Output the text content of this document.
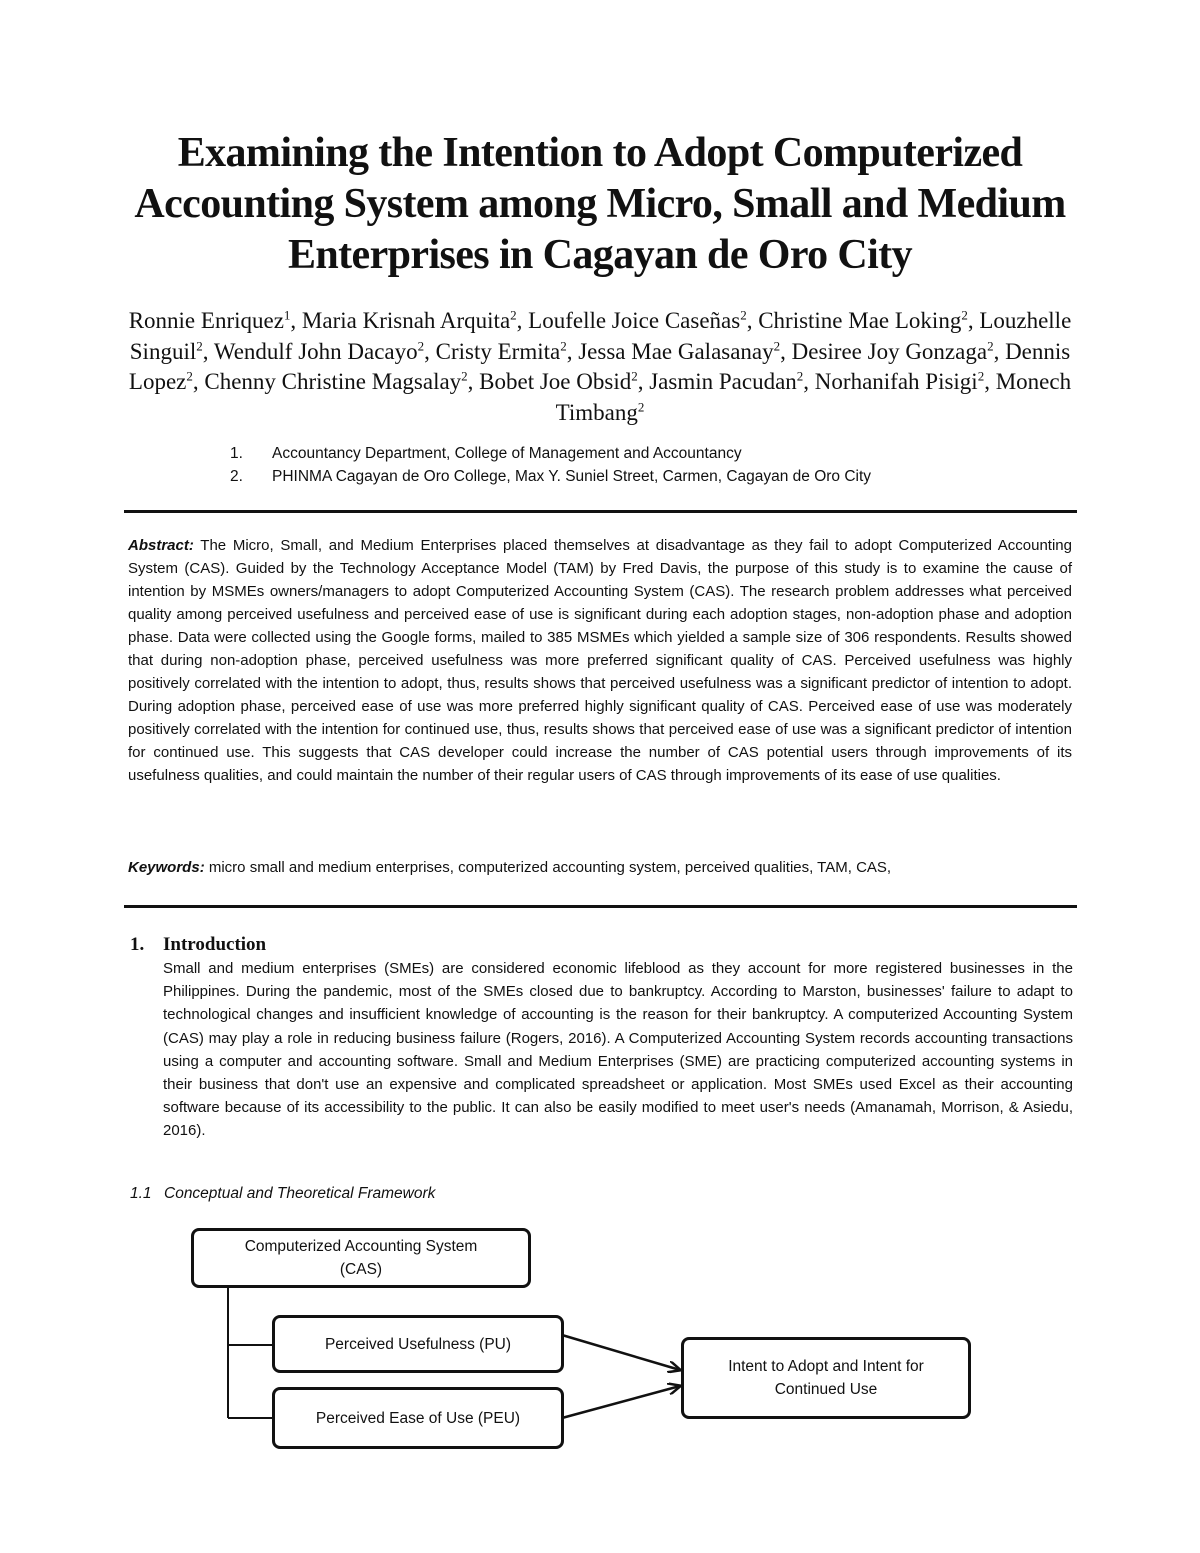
Examining the Intention to Adopt Computerized Accounting System among Micro, Small and Medium Enterprises in Cagayan de Oro City
Ronnie Enriquez$^1$, Maria Krisnah Arquita$^2$, Loufelle Joice Caseñas$^2$, Christine Mae Loking$^2$, Louzhelle Singuil$^2$, Wendulf John Dacayo$^2$, Cristy Ermita$^2$, Jessa Mae Galasanay$^2$, Desiree Joy Gonzaga$^2$, Dennis Lopez$^2$, Chenny Christine Magsalay$^2$, Bobet Joe Obsid$^2$, Jasmin Pacudan$^2$, Norhanifah Pisigi$^2$, Monech Timbang$^2$
1.	Accountancy Department, College of Management and Accountancy
2.	PHINMA Cagayan de Oro College, Max Y. Suniel Street, Carmen, Cagayan de Oro City
Abstract: The Micro, Small, and Medium Enterprises placed themselves at disadvantage as they fail to adopt Computerized Accounting System (CAS). Guided by the Technology Acceptance Model (TAM) by Fred Davis, the purpose of this study is to examine the cause of intention by MSMEs owners/managers to adopt Computerized Accounting System (CAS). The research problem addresses what perceived quality among perceived usefulness and perceived ease of use is significant during each adoption stages, non-adoption phase and adoption phase. Data were collected using the Google forms, mailed to 385 MSMEs which yielded a sample size of 306 respondents. Results showed that during non-adoption phase, perceived usefulness was more preferred significant quality of CAS. Perceived usefulness was highly positively correlated with the intention to adopt, thus, results shows that perceived usefulness was a significant predictor of intention to adopt. During adoption phase, perceived ease of use was more preferred highly significant quality of CAS. Perceived ease of use was moderately positively correlated with the intention for continued use, thus, results shows that perceived ease of use was a significant predictor of intention for continued use. This suggests that CAS developer could increase the number of CAS potential users through improvements of its usefulness qualities, and could maintain the number of their regular users of CAS through improvements of its ease of use qualities.
Keywords: micro small and medium enterprises, computerized accounting system, perceived qualities, TAM, CAS,
1. Introduction
Small and medium enterprises (SMEs) are considered economic lifeblood as they account for more registered businesses in the Philippines. During the pandemic, most of the SMEs closed due to bankruptcy. According to Marston, businesses' failure to adapt to technological changes and insufficient knowledge of accounting is the reason for their bankruptcy. A computerized Accounting System (CAS) may play a role in reducing business failure (Rogers, 2016). A Computerized Accounting System records accounting transactions using a computer and accounting software. Small and Medium Enterprises (SME) are practicing computerized accounting systems in their business that don't use an expensive and complicated spreadsheet or application. Most SMEs used Excel as their accounting software because of its accessibility to the public. It can also be easily modified to meet user's needs (Amanamah, Morrison, & Asiedu, 2016).
1.1 Conceptual and Theoretical Framework
Computerized Accounting System (CAS)
Perceived Usefulness (PU)
Perceived Ease of Use (PEU)
Intent to Adopt and Intent for Continued Use
